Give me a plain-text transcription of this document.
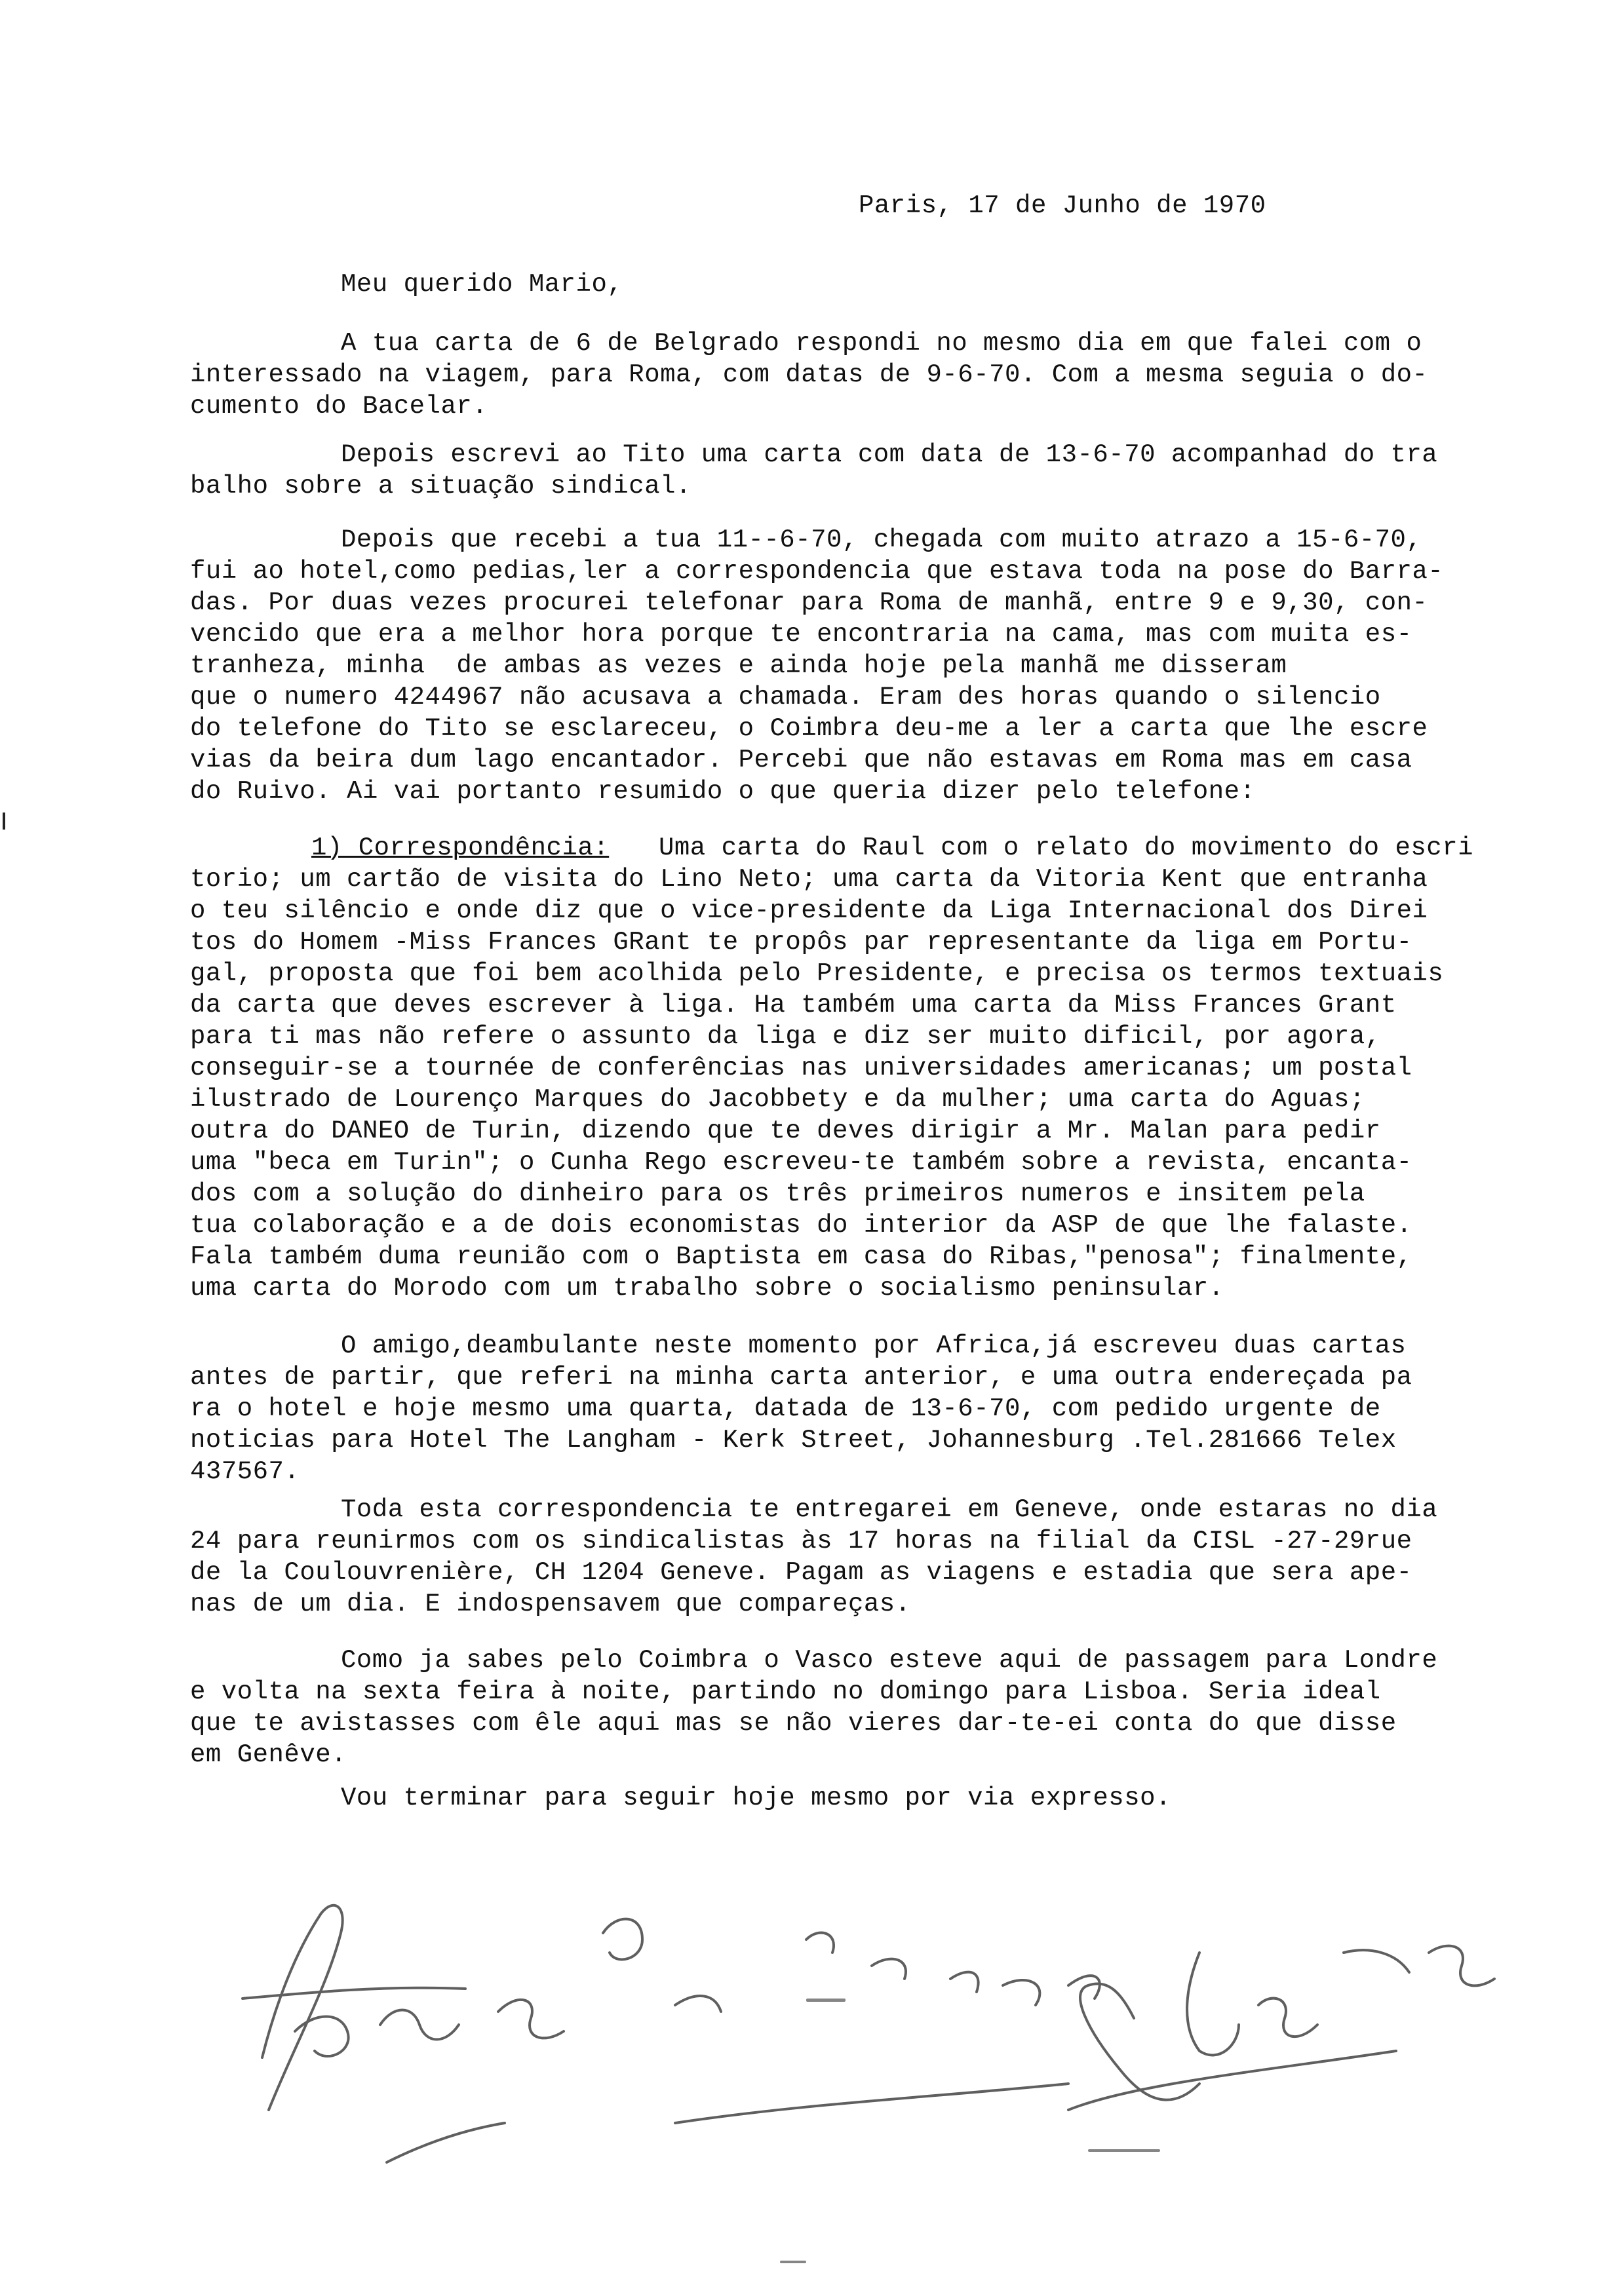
Paris, 17 de Junho de 1970
Meu querido Mario,
A tua carta de 6 de Belgrado respondi no mesmo dia em que falei com o
interessado na viagem, para Roma, com datas de 9-6-70. Com a mesma seguia o do-
cumento do Bacelar.
Depois escrevi ao Tito uma carta com data de 13-6-70 acompanhad do tra
balho sobre a situação sindical.
Depois que recebi a tua 11--6-70, chegada com muito atrazo a 15-6-70,
fui ao hotel,como pedias,ler a correspondencia que estava toda na pose do Barra-
das. Por duas vezes procurei telefonar para Roma de manhã, entre 9 e 9,30, con-
vencido que era a melhor hora porque te encontraria na cama, mas com muita es-
tranheza, minha  de ambas as vezes e ainda hoje pela manhã me disseram
que o numero 4244967 não acusava a chamada. Eram des horas quando o silencio
do telefone do Tito se esclareceu, o Coimbra deu-me a ler a carta que lhe escre
vias da beira dum lago encantador. Percebi que não estavas em Roma mas em casa
do Ruivo. Ai vai portanto resumido o que queria dizer pelo telefone:
1) Correspondência: Uma carta do Raul com o relato do movimento do escri
torio; um cartão de visita do Lino Neto; uma carta da Vitoria Kent que entranha
o teu silêncio e onde diz que o vice-presidente da Liga Internacional dos Direi
tos do Homem -Miss Frances GRant te propôs par representante da liga em Portu-
gal, proposta que foi bem acolhida pelo Presidente, e precisa os termos textuais
da carta que deves escrever à liga. Ha também uma carta da Miss Frances Grant
para ti mas não refere o assunto da liga e diz ser muito dificil, por agora,
conseguir-se a tournée de conferências nas universidades americanas; um postal
ilustrado de Lourenço Marques do Jacobbety e da mulher; uma carta do Aguas;
outra do DANEO de Turin, dizendo que te deves dirigir a Mr. Malan para pedir
uma "beca em Turin"; o Cunha Rego escreveu-te também sobre a revista, encanta-
dos com a solução do dinheiro para os três primeiros numeros e insitem pela
tua colaboração e a de dois economistas do interior da ASP de que lhe falaste.
Fala também duma reunião com o Baptista em casa do Ribas,"penosa"; finalmente,
uma carta do Morodo com um trabalho sobre o socialismo peninsular.
O amigo,deambulante neste momento por Africa,já escreveu duas cartas
antes de partir, que referi na minha carta anterior, e uma outra endereçada pa
ra o hotel e hoje mesmo uma quarta, datada de 13-6-70, com pedido urgente de
noticias para Hotel The Langham - Kerk Street, Johannesburg .Tel.281666 Telex
437567.
Toda esta correspondencia te entregarei em Geneve, onde estaras no dia
24 para reunirmos com os sindicalistas às 17 horas na filial da CISL -27-29rue
de la Coulouvrenière, CH 1204 Geneve. Pagam as viagens e estadia que sera ape-
nas de um dia. E indospensavem que compareças.
Como ja sabes pelo Coimbra o Vasco esteve aqui de passagem para Londre
e volta na sexta feira à noite, partindo no domingo para Lisboa. Seria ideal
que te avistasses com êle aqui mas se não vieres dar-te-ei conta do que disse
em Genêve.
Vou terminar para seguir hoje mesmo por via expresso.
